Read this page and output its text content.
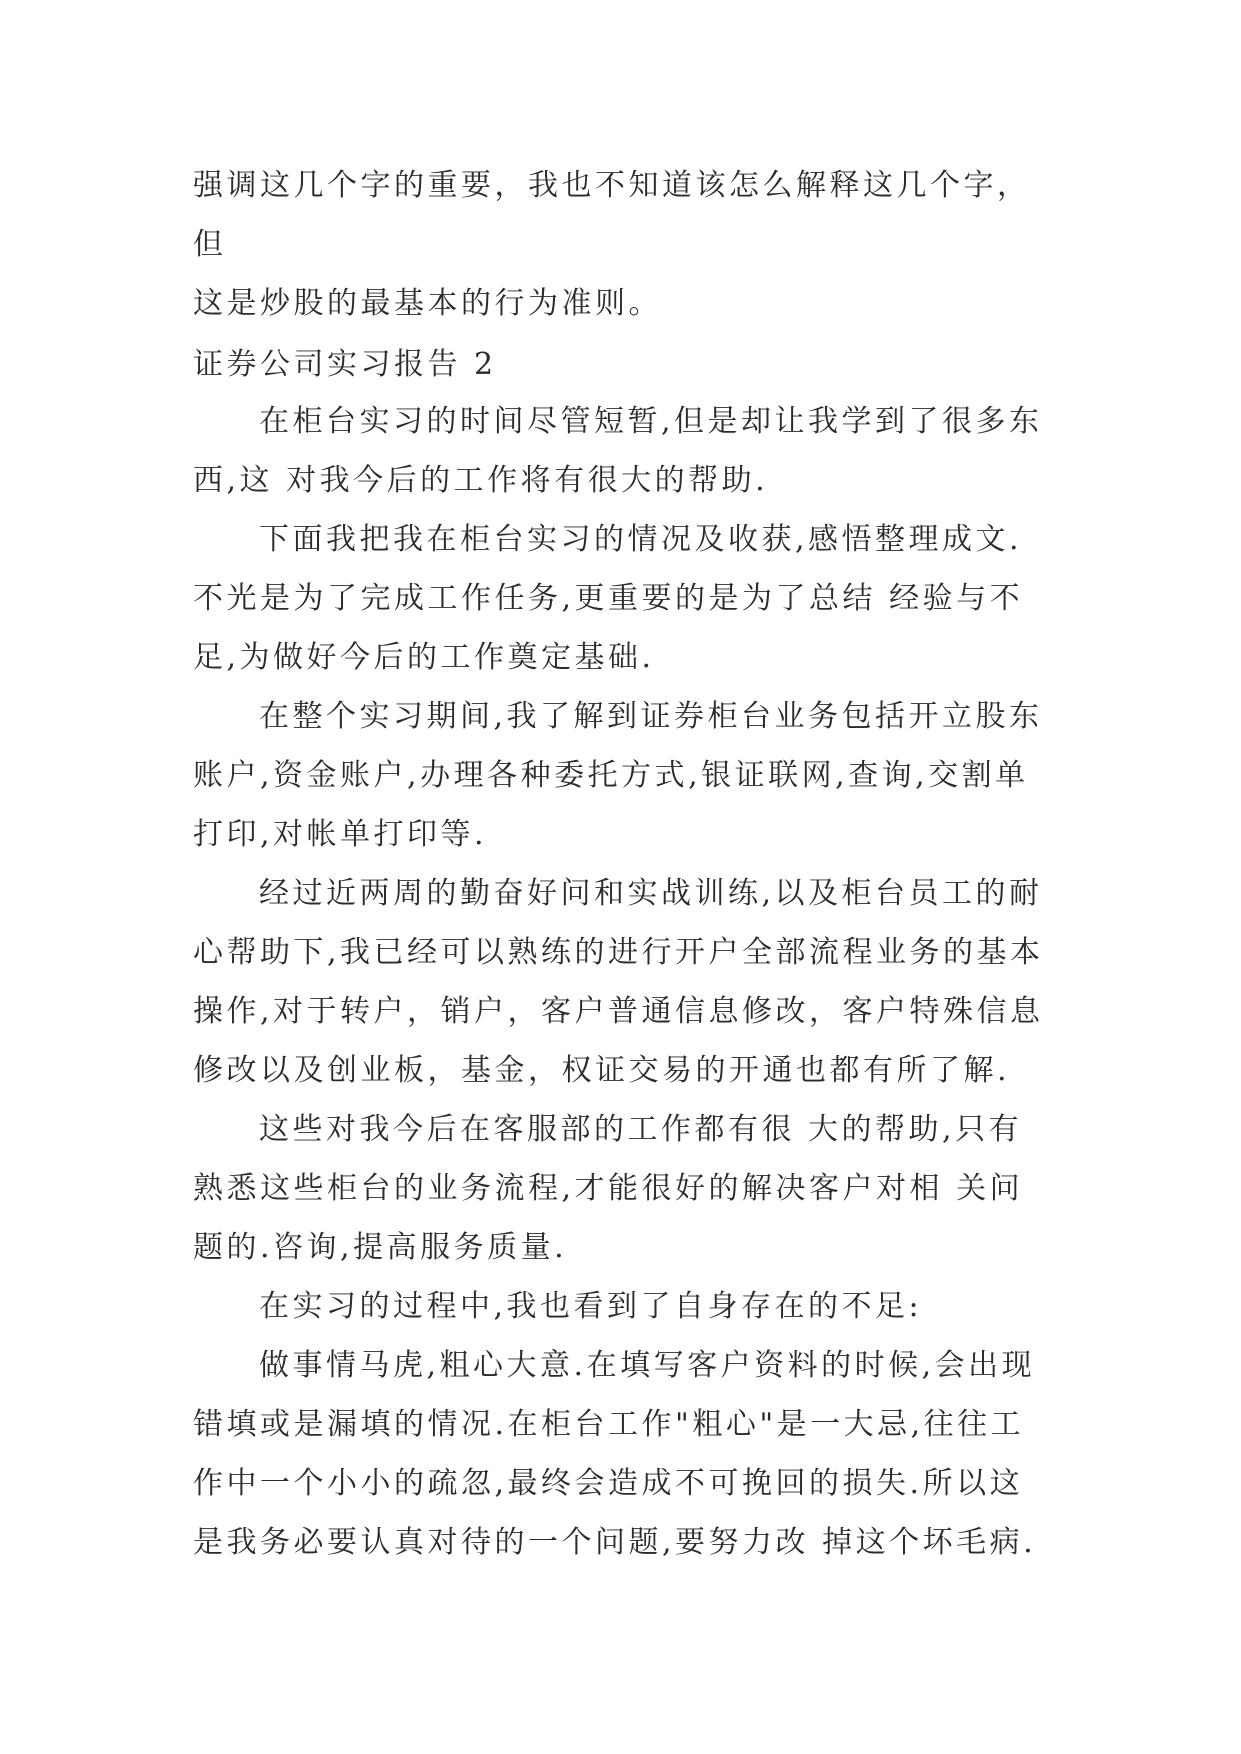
强调这几个字的重要，我也不知道该怎么解释这几个字，但
这是炒股的最基本的行为准则。
证券公司实习报告 2

在柜台实习的时间尽管短暂,但是却让我学到了很多东西,这 对我今后的工作将有很大的帮助.

下面我把我在柜台实习的情况及收获,感悟整理成文.不光是为了完成工作任务,更重要的是为了总结 经验与不足,为做好今后的工作奠定基础.

在整个实习期间,我了解到证券柜台业务包括开立股东账户,资金账户,办理各种委托方式,银证联网,查询,交割单打印,对帐单打印等.

经过近两周的勤奋好问和实战训练,以及柜台员工的耐心帮助下,我已经可以熟练的进行开户全部流程业务的基本操作,对于转户，销户，客户普通信息修改，客户特殊信息修改以及创业板，基金，权证交易的开通也都有所了解.

这些对我今后在客服部的工作都有很 大的帮助,只有熟悉这些柜台的业务流程,才能很好的解决客户对相 关问题的.咨询,提高服务质量.

在实习的过程中,我也看到了自身存在的不足:

做事情马虎,粗心大意.在填写客户资料的时候,会出现错填或是漏填的情况.在柜台工作"粗心"是一大忌,往往工作中一个小小的疏忽,最终会造成不可挽回的损失.所以这是我务必要认真对待的一个问题,要努力改 掉这个坏毛病.
